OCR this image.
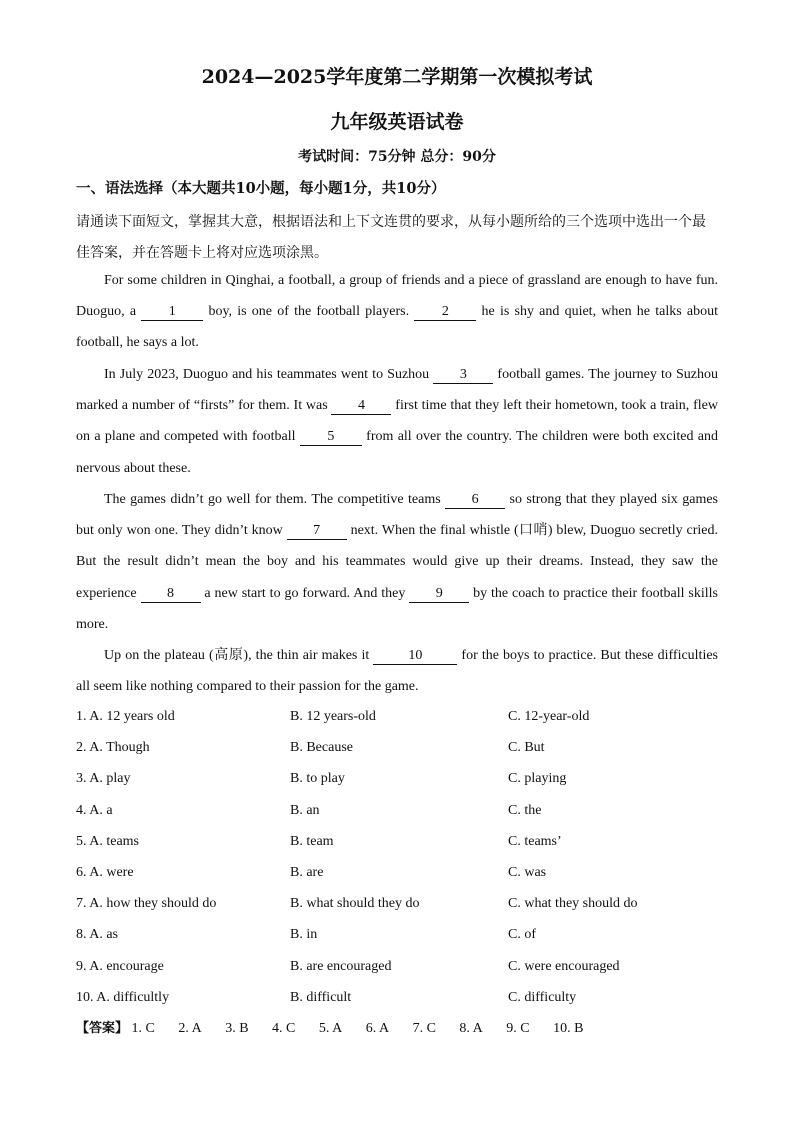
2024—2025学年度第二学期第一次模拟考试
九年级英语试卷
考试时间：75分钟 总分：90分
一、语法选择（本大题共10小题，每小题1分，共10分）
请通读下面短文，掌握其大意，根据语法和上下文连贯的要求，从每小题所给的三个选项中选出一个最佳答案，并在答题卡上将对应选项涂黑。
For some children in Qinghai, a football, a group of friends and a piece of grassland are enough to have fun. Duoguo, a 1 boy, is one of the football players. 2 he is shy and quiet, when he talks about football, he says a lot.
In July 2023, Duoguo and his teammates went to Suzhou 3 football games. The journey to Suzhou marked a number of “firsts” for them. It was 4 first time that they left their hometown, took a train, flew on a plane and competed with football 5 from all over the country. The children were both excited and nervous about these.
The games didn’t go well for them. The competitive teams 6 so strong that they played six games but only won one. They didn’t know 7 next. When the final whistle (口哨) blew, Duoguo secretly cried. But the result didn’t mean the boy and his teammates would give up their dreams. Instead, they saw the experience 8 a new start to go forward. And they 9 by the coach to practice their football skills more.
Up on the plateau (高原), the thin air makes it	10	for the boys to practice. But these difficulties all seem like nothing compared to their passion for the game.
1. A. 12 years old	B. 12 years-old	C. 12-year-old
2. A. Though	B. Because	C. But
3. A. play	B. to play	C. playing
4. A. a	B. an	C. the
5. A. teams	B. team	C. teams’
6. A. were	B. are	C. was
7. A. how they should do	B. what should they do	C. what they should do
8. A. as	B. in	C. of
9. A. encourage	B. are encouraged	C. were encouraged
10. A. difficultly	B. difficult	C. difficulty
【答案】 1. C 2. A 3. B 4. C 5. A 6. A 7. C 8. A 9. C 10. B
